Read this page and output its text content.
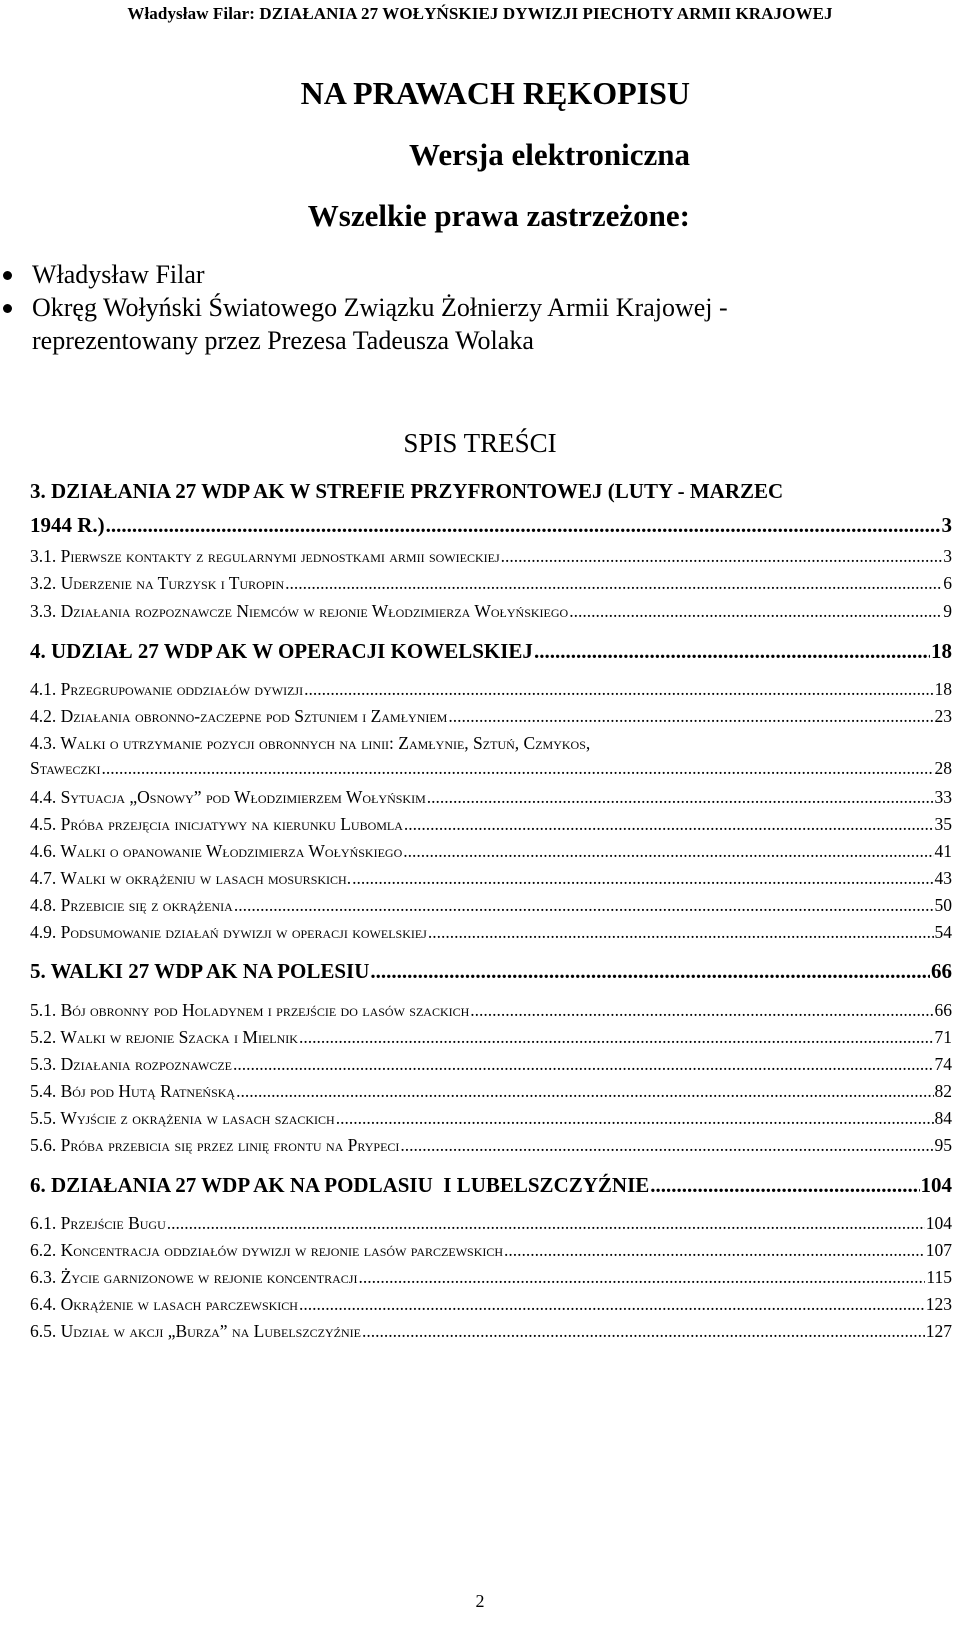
Władysław Filar: DZIAŁANIA 27 WOŁYŃSKIEJ DYWIZJI PIECHOTY ARMII KRAJOWEJ
NA PRAWACH RĘKOPISU
Wersja elektroniczna
Wszelkie prawa zastrzeżone:
Władysław Filar
Okręg Wołyński Światowego Związku Żołnierzy Armii Krajowej -
reprezentowany przez Prezesa Tadeusza Wolaka
SPIS TREŚCI
3. DZIAŁANIA 27 WDP AK W STREFIE PRZYFRONTOWEJ (LUTY - MARZEC
1944 R.) .....	3
3.1. Pierwsze kontakty z regularnymi jednostkami armii sowieckiej .....	3
3.2. Uderzenie na Turzysk i Turopin .....	6
3.3. Działania rozpoznawcze Niemców w rejonie Włodzimierza Wołyńskiego .....	9
4. UDZIAŁ 27 WDP AK W OPERACJI KOWELSKIEJ .....	18
4.1. Przegrupowanie oddziałów dywizji .....	18
4.2. Działania obronno-zaczepne pod Sztuniem i Zamłyniem .....	23
4.3. Walki o utrzymanie pozycji obronnych na linii: Zamłynie, Sztuń, Czmykos,
Staweczki .....	28
4.4. Sytuacja „Osnowy” pod Włodzimierzem Wołyńskim .....	33
4.5. Próba przejęcia inicjatywy na kierunku Lubomla .....	35
4.6. Walki o opanowanie Włodzimierza Wołyńskiego .....	41
4.7. Walki w okrążeniu w lasach mosurskich. .....	43
4.8. Przebicie się z okrążenia .....	50
4.9. Podsumowanie działań dywizji w operacji kowelskiej .....	54
5. WALKI 27 WDP AK NA POLESIU .....	66
5.1. Bój obronny pod Holadynem i przejście do lasów szackich .....	66
5.2. Walki w rejonie Szacka i Mielnik .....	71
5.3. Działania rozpoznawcze .....	74
5.4. Bój pod Hutą Ratneńską .....	82
5.5. Wyjście z okrążenia w lasach szackich .....	84
5.6. Próba przebicia się przez linię frontu na Prypeci .....	95
6. DZIAŁANIA 27 WDP AK NA PODLASIU  I LUBELSZCZYŹNIE .....	104
6.1. Przejście Bugu .....	104
6.2. Koncentracja oddziałów dywizji w rejonie lasów parczewskich .....	107
6.3. Życie garnizonowe w rejonie koncentracji .....	115
6.4. Okrążenie w lasach parczewskich .....	123
6.5. Udział w akcji „Burza” na Lubelszczyźnie .....	127
2
